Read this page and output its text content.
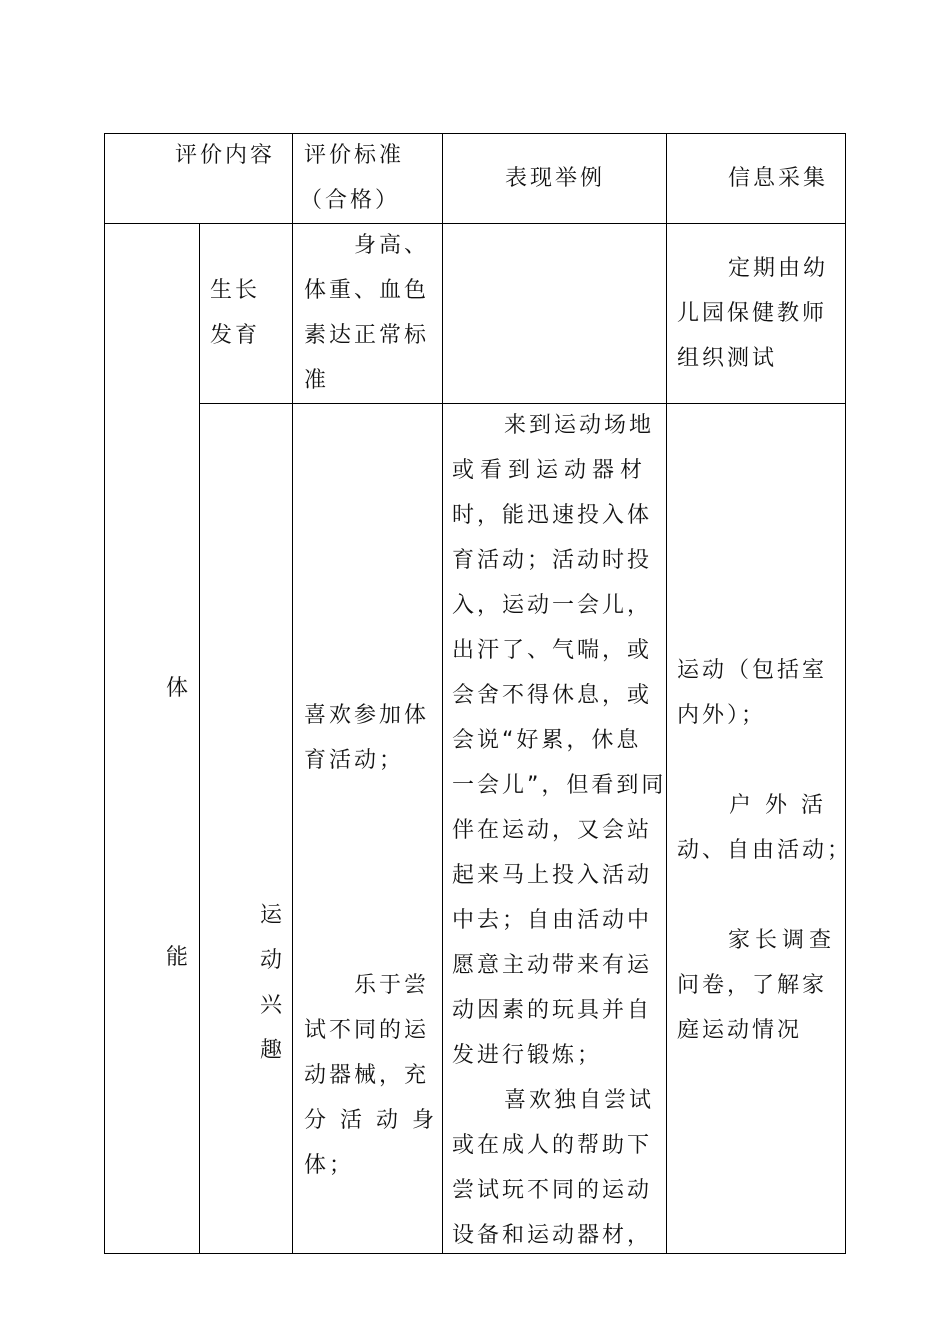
评价内容 评价标准
（合格）
表现举例	信息采集
体
能
生长
发育
身高、
体重、血色
素达正常标
准
定期由幼
儿园保健教师
组织测试
运
动
兴
趣
喜欢参加体
育活动；
乐于尝
试不同的运
动器械，充
分活动身
体；
来到运动场地
或看到运动器材
时，能迅速投入体
育活动；活动时投
入，运动一会儿，
出汗了、气喘，或
会舍不得休息，或
会说“好累，休息
一会儿”，但看到同
伴在运动，又会站
起来马上投入活动
中去；自由活动中
愿意主动带来有运
动因素的玩具并自
发进行锻炼；
喜欢独自尝试
或在成人的帮助下
尝试玩不同的运动
设备和运动器材，
运动（包括室
内外）；
户外活
动、自由活动；
家长调查
问卷，了解家
庭运动情况
